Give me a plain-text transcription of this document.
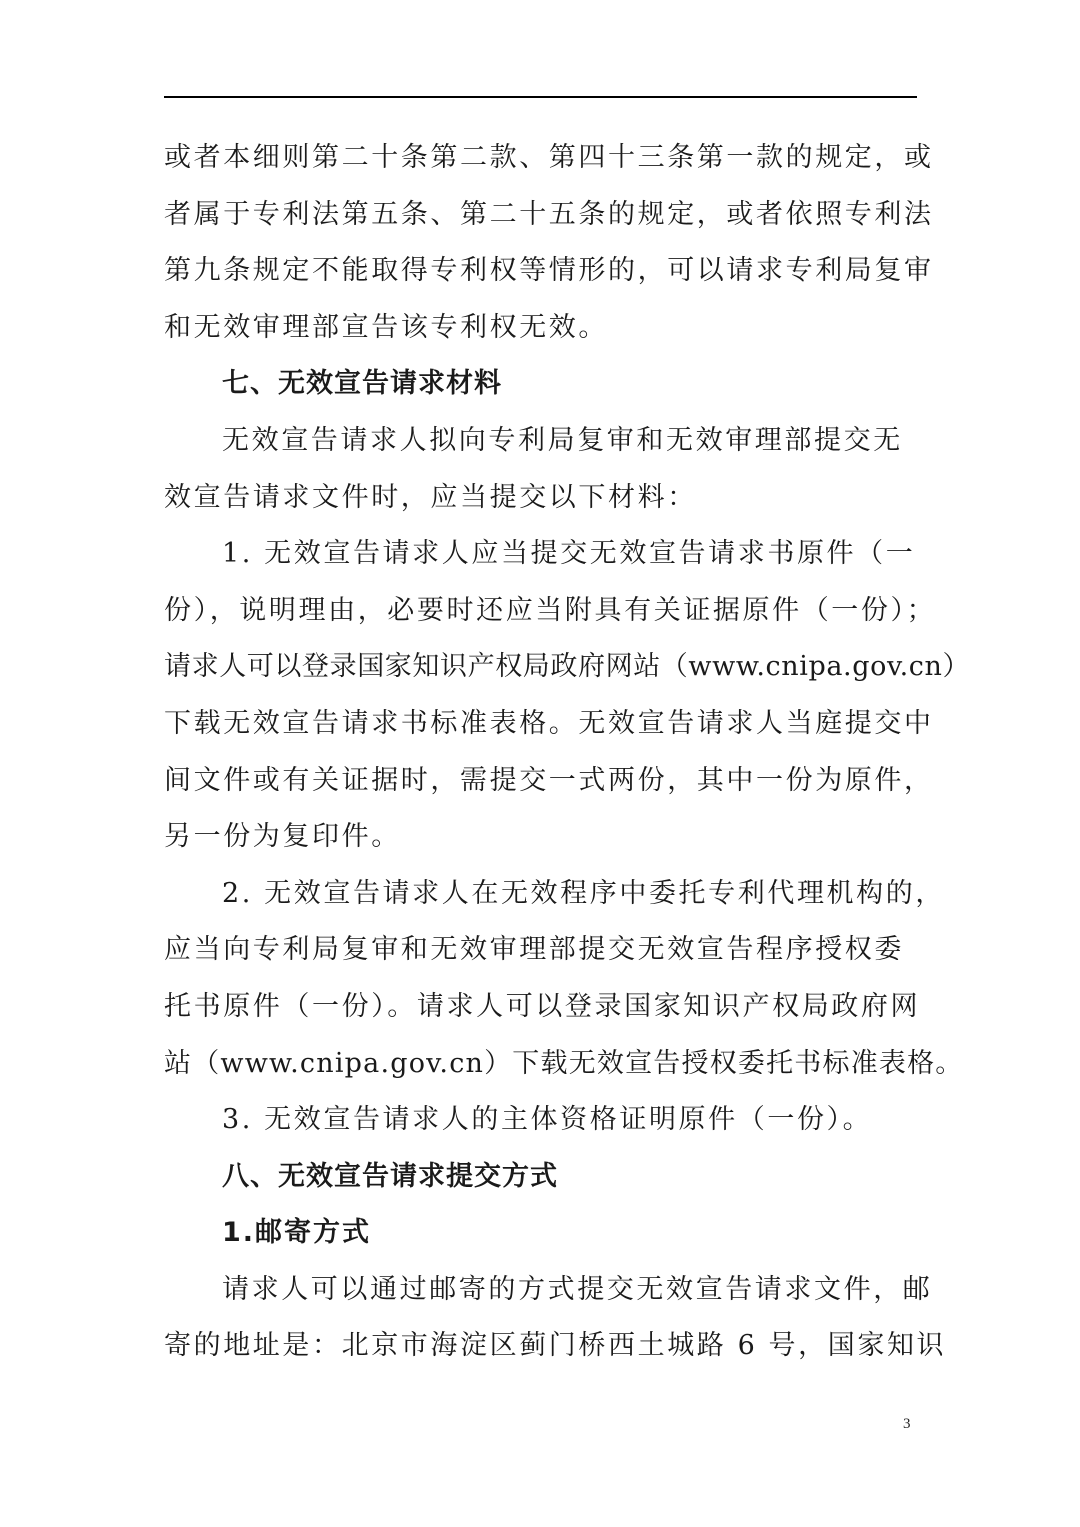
或者本细则第二十条第二款、第四十三条第一款的规定，或
者属于专利法第五条、第二十五条的规定，或者依照专利法
第九条规定不能取得专利权等情形的，可以请求专利局复审
和无效审理部宣告该专利权无效。
七、无效宣告请求材料
无效宣告请求人拟向专利局复审和无效审理部提交无
效宣告请求文件时，应当提交以下材料：
1. 无效宣告请求人应当提交无效宣告请求书原件（一
份），说明理由，必要时还应当附具有关证据原件（一份）；
请求人可以登录国家知识产权局政府网站（www.cnipa.gov.cn）
下载无效宣告请求书标准表格。无效宣告请求人当庭提交中
间文件或有关证据时，需提交一式两份，其中一份为原件，
另一份为复印件。
2. 无效宣告请求人在无效程序中委托专利代理机构的，
应当向专利局复审和无效审理部提交无效宣告程序授权委
托书原件（一份）。请求人可以登录国家知识产权局政府网
站（www.cnipa.gov.cn）下载无效宣告授权委托书标准表格。
3. 无效宣告请求人的主体资格证明原件（一份）。
八、无效宣告请求提交方式
1.邮寄方式
请求人可以通过邮寄的方式提交无效宣告请求文件，邮
寄的地址是：北京市海淀区蓟门桥西土城路 6 号，国家知识
3
